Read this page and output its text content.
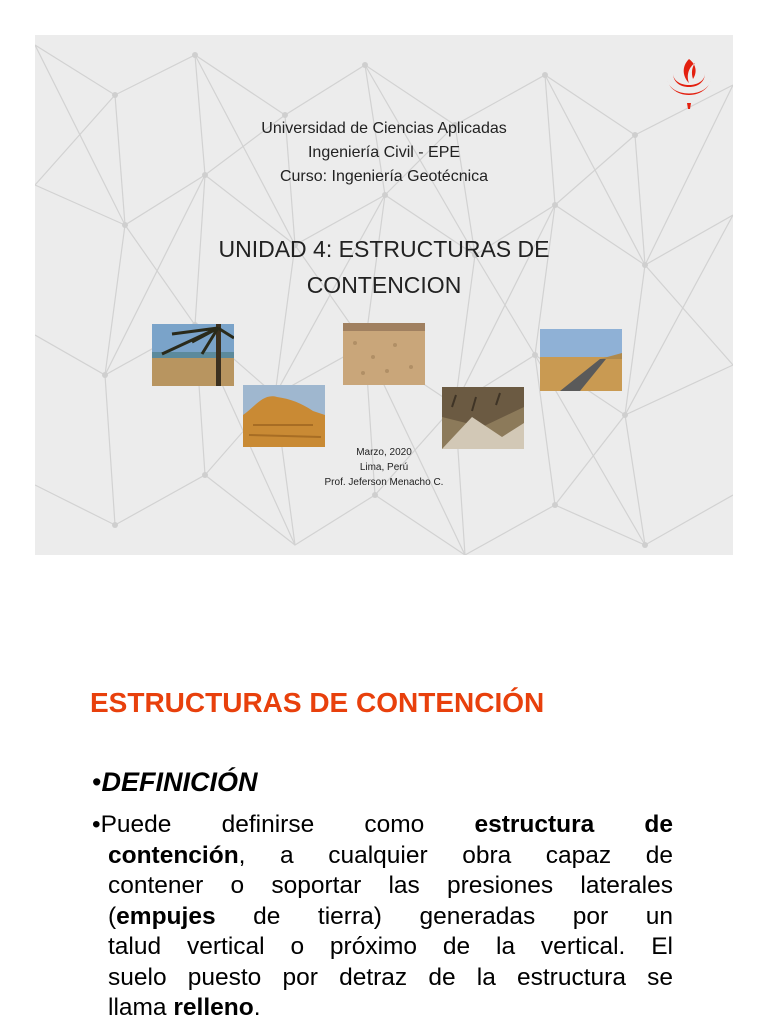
Universidad de Ciencias Aplicadas
Ingeniería Civil - EPE
Curso: Ingeniería Geotécnica
UNIDAD 4: ESTRUCTURAS DE
CONTENCION
Marzo, 2020
Lima, Perú
Prof. Jeferson Menacho C.
ESTRUCTURAS DE CONTENCIÓN
•DEFINICIÓN
•Puede definirse como estructura de
contención, a cualquier obra capaz de
contener o soportar las presiones laterales
(empujes de tierra) generadas por un
talud vertical o próximo de la vertical. El
suelo puesto por detraz de la estructura se
llama relleno.
